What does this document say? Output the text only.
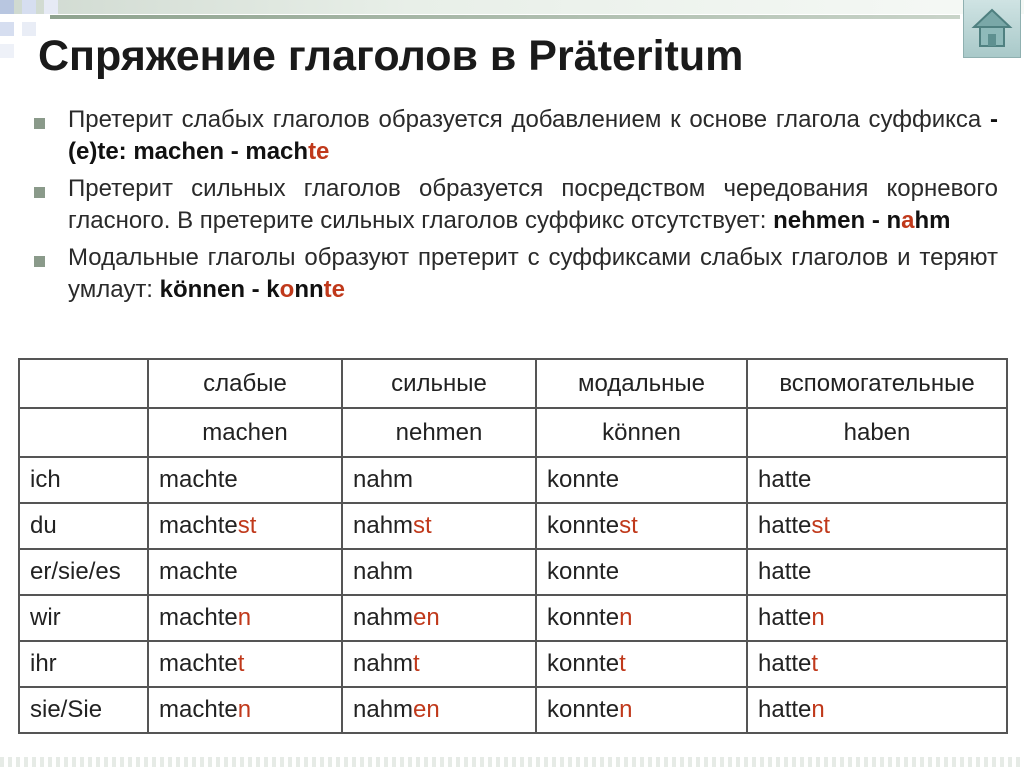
Спряжение глаголов в Präteritum

Претерит слабых глаголов образуется добавлением к основе глагола суффикса -(e)te: machen - machte

Претерит сильных глаголов образуется посредством чередования корневого гласного. В претерите сильных глаголов суффикс отсутствует: nehmen - nahm

Модальные глаголы образуют претерит с суффиксами слабых глаголов и теряют умлаут: können - konnte

	слабые	сильные	модальные	вспомогательные
	machen	nehmen	können	haben
ich	machte	nahm	konnte	hatte
du	machtest	nahmst	konntest	hattest
er/sie/es	machte	nahm	konnte	hatte
wir	machten	nahmen	konnten	hatten
ihr	machtet	nahmt	konntet	hattet
sie/Sie	machten	nahmen	konnten	hatten
